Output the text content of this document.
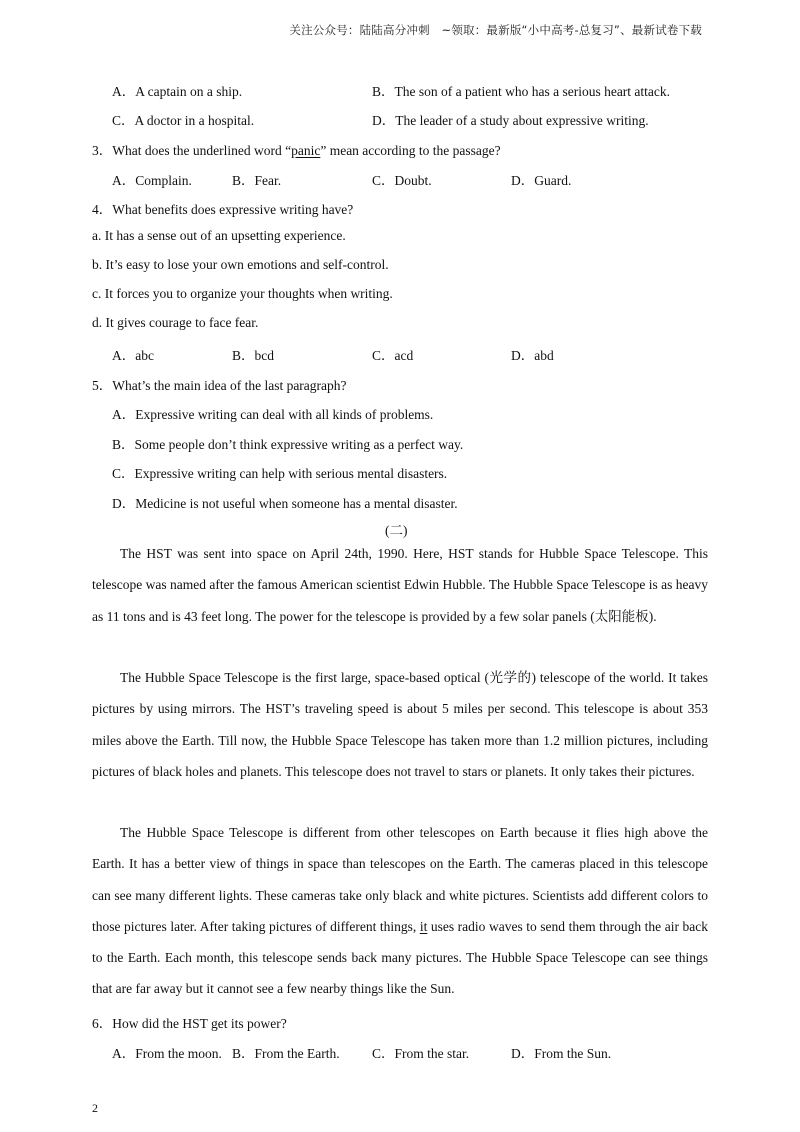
关注公众号：陆陆高分冲刺　~领取：最新版“小中高考-总复习”、最新试卷下载
A．A captain on a ship.	B．The son of a patient who has a serious heart attack.
C．A doctor in a hospital.	D．The leader of a study about expressive writing.
3．What does the underlined word “panic” mean according to the passage?
A．Complain.	B．Fear.	C．Doubt.	D．Guard.
4．What benefits does expressive writing have?
a. It has a sense out of an upsetting experience.
b. It’s easy to lose your own emotions and self-control.
c. It forces you to organize your thoughts when writing.
d. It gives courage to face fear.
A．abc	B．bcd	C．acd	D．abd
5．What’s the main idea of the last paragraph?
A．Expressive writing can deal with all kinds of problems.
B．Some people don’t think expressive writing as a perfect way.
C．Expressive writing can help with serious mental disasters.
D．Medicine is not useful when someone has a mental disaster.
(二)
The HST was sent into space on April 24th, 1990. Here, HST stands for Hubble Space Telescope. This telescope was named after the famous American scientist Edwin Hubble. The Hubble Space Telescope is as heavy as 11 tons and is 43 feet long. The power for the telescope is provided by a few solar panels (太阳能板).
The Hubble Space Telescope is the first large, space-based optical (光学的) telescope of the world. It takes pictures by using mirrors. The HST’s traveling speed is about 5 miles per second. This telescope is about 353 miles above the Earth. Till now, the Hubble Space Telescope has taken more than 1.2 million pictures, including pictures of black holes and planets. This telescope does not travel to stars or planets. It only takes their pictures.
The Hubble Space Telescope is different from other telescopes on Earth because it flies high above the Earth. It has a better view of things in space than telescopes on the Earth. The cameras placed in this telescope can see many different lights. These cameras take only black and white pictures. Scientists add different colors to those pictures later. After taking pictures of different things, it uses radio waves to send them through the air back to the Earth. Each month, this telescope sends back many pictures. The Hubble Space Telescope can see things that are far away but it cannot see a few nearby things like the Sun.
6．How did the HST get its power?
A．From the moon. B．From the Earth. C．From the star.	D．From the Sun.
2
